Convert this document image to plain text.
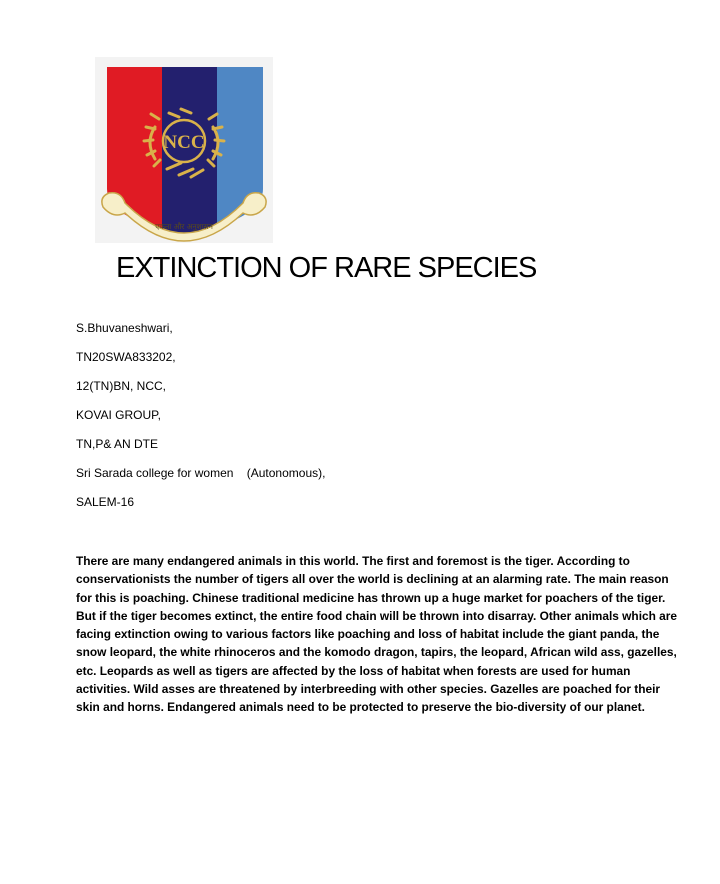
NCC
एकता और अनुशासन
EXTINCTION OF RARE SPECIES
S.Bhuvaneshwari,
TN20SWA833202,
12(TN)BN, NCC,
KOVAI GROUP,
TN,P& AN DTE
Sri Sarada college for women    (Autonomous),
SALEM-16

There are many endangered animals in this world. The first and foremost is the tiger. According to conservationists the number of tigers all over the world is declining at an alarming rate. The main reason for this is poaching. Chinese traditional medicine has thrown up a huge market for poachers of the tiger. But if the tiger becomes extinct, the entire food chain will be thrown into disarray. Other animals which are facing extinction owing to various factors like poaching and loss of habitat include the giant panda, the snow leopard, the white rhinoceros and the komodo dragon, tapirs, the leopard, African wild ass, gazelles, etc. Leopards as well as tigers are affected by the loss of habitat when forests are used for human activities. Wild asses are threatened by interbreeding with other species. Gazelles are poached for their skin and horns. Endangered animals need to be protected to preserve the bio-diversity of our planet.
